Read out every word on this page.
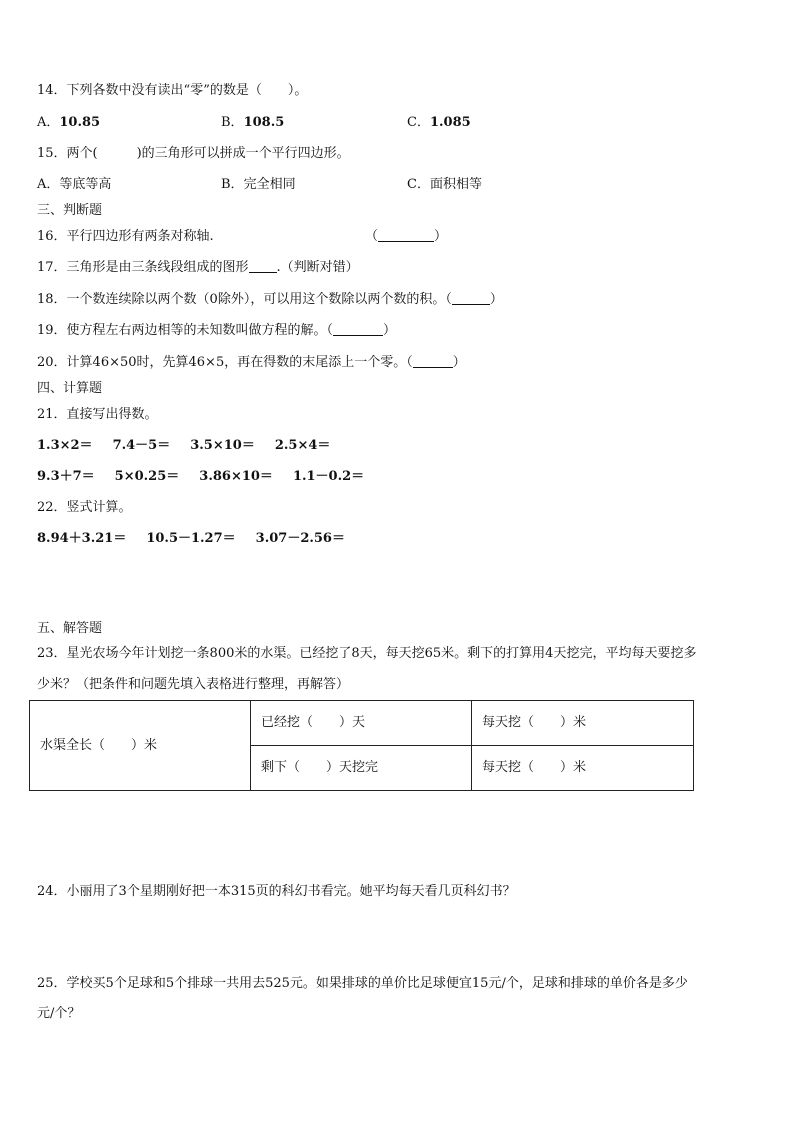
14．下列各数中没有读出“零”的数是（　　）。
A．10.85	B．108.5	C．1.085
15．两个(　　　)的三角形可以拼成一个平行四边形。
A．等底等高	B．完全相同	C．面积相等
三、判断题
16．平行四边形有两条对称轴.	（	）
17．三角形是由三条线段组成的图形 .（判断对错）
18．一个数连续除以两个数（0除外），可以用这个数除以两个数的积。（	）
19．使方程左右两边相等的未知数叫做方程的解。（	）
20．计算46×50时，先算46×5，再在得数的末尾添上一个零。（	）
四、计算题
21．直接写出得数。
1.3×2＝ 7.4－5＝ 3.5×10＝ 2.5×4＝
9.3＋7＝ 5×0.25＝ 3.86×10＝ 1.1－0.2＝
22．竖式计算。
8.94＋3.21＝ 10.5－1.27＝ 3.07－2.56＝
五、解答题
23．星光农场今年计划挖一条800米的水渠。已经挖了8天，每天挖65米。剩下的打算用4天挖完，平均每天要挖多
少米？（把条件和问题先填入表格进行整理，再解答）
水渠全长（　　）米	已经挖（　　）天	每天挖（　　）米
	剩下（　　）天挖完	每天挖（　　）米
24．小丽用了3个星期刚好把一本315页的科幻书看完。她平均每天看几页科幻书？
25．学校买5个足球和5个排球一共用去525元。如果排球的单价比足球便宜15元/个，足球和排球的单价各是多少
元/个？
